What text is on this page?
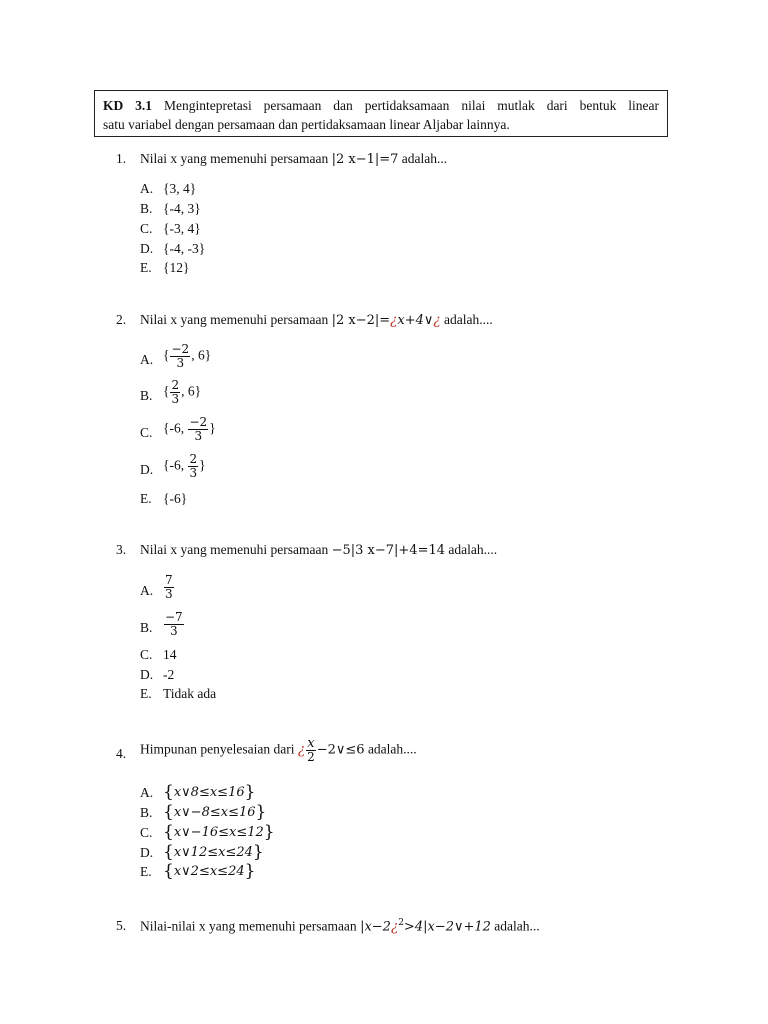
KD 3.1 Mengintepretasi persamaan dan pertidaksamaan nilai mutlak dari bentuk linear
satu variabel dengan persamaan dan pertidaksamaan linear Aljabar lainnya.
1. Nilai x yang memenuhi persamaan |2 x−1|=7 adalah...
A. {3, 4}
B. {-4, 3}
C. {-3, 4}
D. {-4, -3}
E. {12}
2. Nilai x yang memenuhi persamaan |2 x−2|=¿x+4∨¿ adalah....
A. { $\frac{-2}{3}$ , 6}
B. { $\frac{2}{3}$ , 6}
C. {-6, $\frac{-2}{3}$ }
D. {-6, $\frac{2}{3}$ }
E. {-6}
3. Nilai x yang memenuhi persamaan −5|3 x−7|+4=14 adalah....
A. $\frac{7}{3}$
B. $\frac{-7}{3}$
C. 14
D. -2
E. Tidak ada
4. Himpunan penyelesaian dari ¿ $\frac{x}{2}$ −2∨≤6 adalah....
A. {x∨8≤x≤16}
B. {x∨−8≤x≤16}
C. {x∨−16≤x≤12}
D. {x∨12≤x≤24}
E. {x∨2≤x≤24}
5. Nilai-nilai x yang memenuhi persamaan |x−2¿$^2$>4|x−2∨+12 adalah...
